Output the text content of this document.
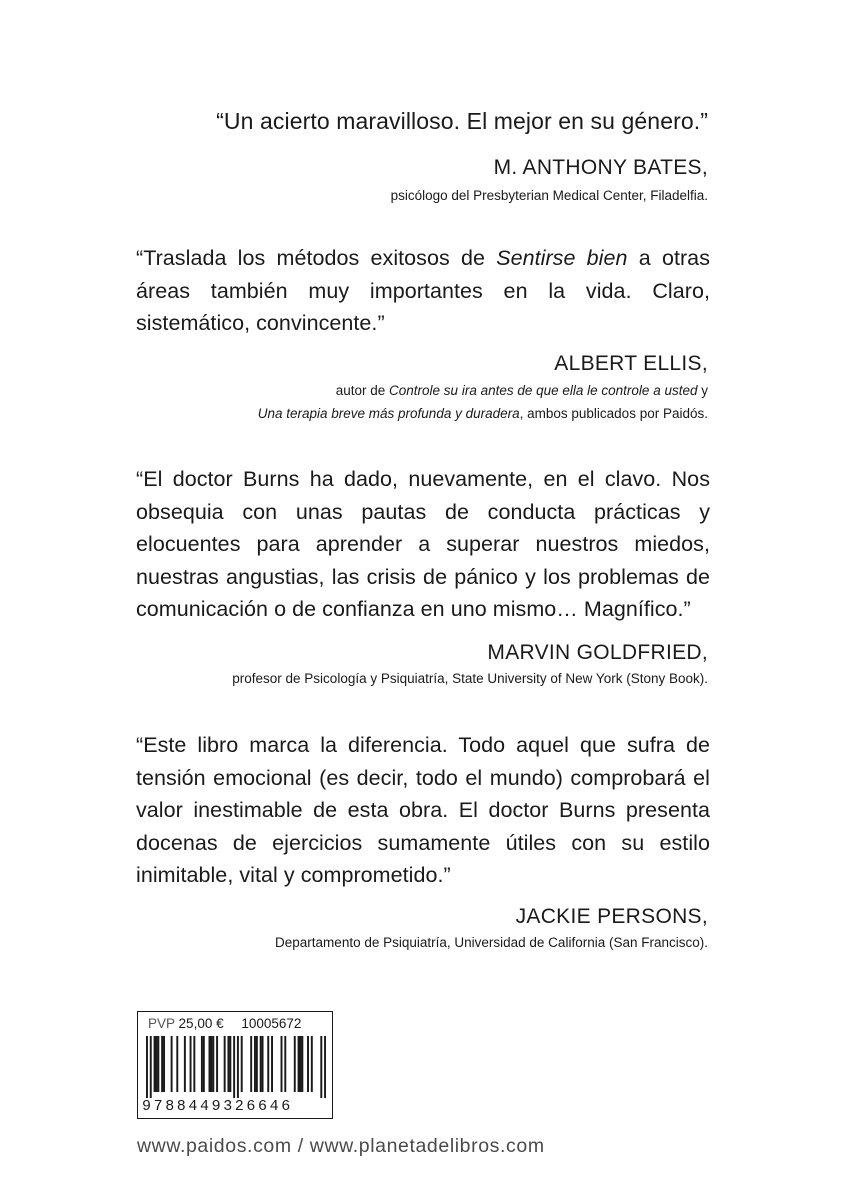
“Un acierto maravilloso. El mejor en su género.”
M. ANTHONY BATES,
psicólogo del Presbyterian Medical Center, Filadelfia.

“Traslada los métodos exitosos de Sentirse bien a otras áreas también muy importantes en la vida. Claro, sistemático, convincente.”

ALBERT ELLIS,
autor de Controle su ira antes de que ella le controle a usted y
Una terapia breve más profunda y duradera, ambos publicados por Paidós.

“El doctor Burns ha dado, nuevamente, en el clavo. Nos obsequia con unas pautas de conducta prácticas y elocuentes para aprender a superar nuestros miedos, nuestras angustias, las crisis de pánico y los problemas de comunicación o de confianza en uno mismo… Magnífico.”

MARVIN GOLDFRIED,
profesor de Psicología y Psiquiatría, State University of New York (Stony Book).

“Este libro marca la diferencia. Todo aquel que sufra de tensión emocional (es decir, todo el mundo) comprobará el valor inestimable de esta obra. El doctor Burns presenta docenas de ejercicios sumamente útiles con su estilo inimitable, vital y comprometido.”

JACKIE PERSONS,
Departamento de Psiquiatría, Universidad de California (San Francisco).
PVP 25,00 € 10005672
9788449326646
www.paidos.com / www.planetadelibros.com
